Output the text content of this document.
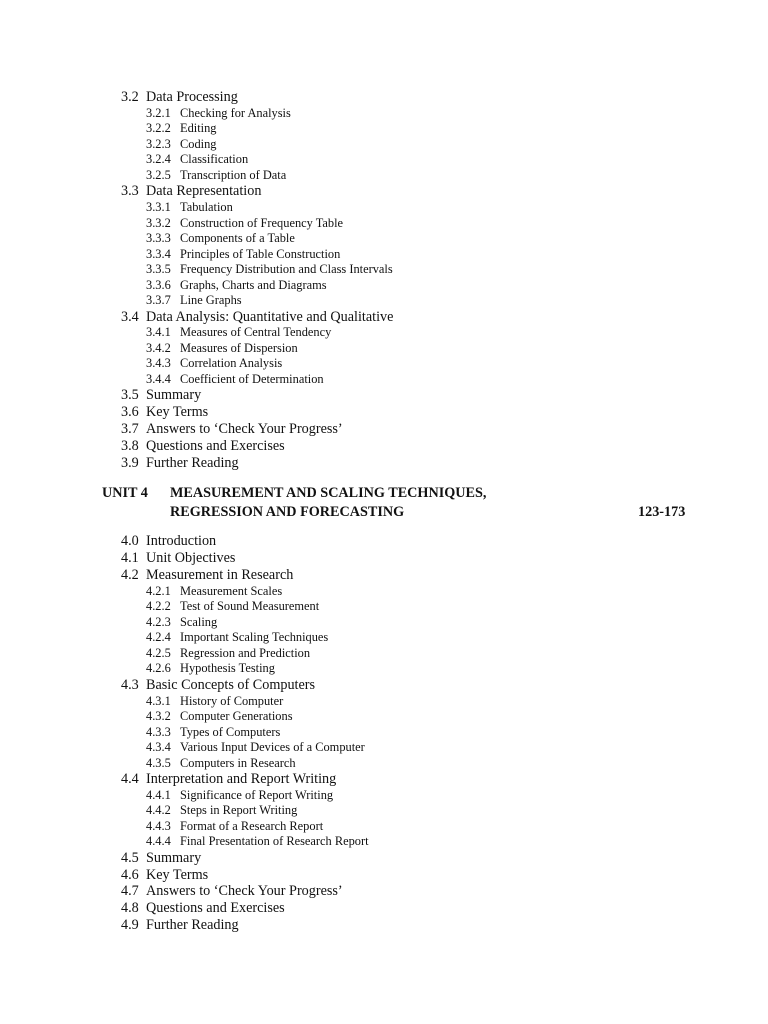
3.2 Data Processing
3.2.1 Checking for Analysis
3.2.2 Editing
3.2.3 Coding
3.2.4 Classification
3.2.5 Transcription of Data
3.3 Data Representation
3.3.1 Tabulation
3.3.2 Construction of Frequency Table
3.3.3 Components of a Table
3.3.4 Principles of Table Construction
3.3.5 Frequency Distribution and Class Intervals
3.3.6 Graphs, Charts and Diagrams
3.3.7 Line Graphs
3.4 Data Analysis: Quantitative and Qualitative
3.4.1 Measures of Central Tendency
3.4.2 Measures of Dispersion
3.4.3 Correlation Analysis
3.4.4 Coefficient of Determination
3.5 Summary
3.6 Key Terms
3.7 Answers to ‘Check Your Progress’
3.8 Questions and Exercises
3.9 Further Reading
UNIT 4 MEASUREMENT AND SCALING TECHNIQUES,
REGRESSION AND FORECASTING	123-173
4.0 Introduction
4.1 Unit Objectives
4.2 Measurement in Research
4.2.1 Measurement Scales
4.2.2 Test of Sound Measurement
4.2.3 Scaling
4.2.4 Important Scaling Techniques
4.2.5 Regression and Prediction
4.2.6 Hypothesis Testing
4.3 Basic Concepts of Computers
4.3.1 History of Computer
4.3.2 Computer Generations
4.3.3 Types of Computers
4.3.4 Various Input Devices of a Computer
4.3.5 Computers in Research
4.4 Interpretation and Report Writing
4.4.1 Significance of Report Writing
4.4.2 Steps in Report Writing
4.4.3 Format of a Research Report
4.4.4 Final Presentation of Research Report
4.5 Summary
4.6 Key Terms
4.7 Answers to ‘Check Your Progress’
4.8 Questions and Exercises
4.9 Further Reading
